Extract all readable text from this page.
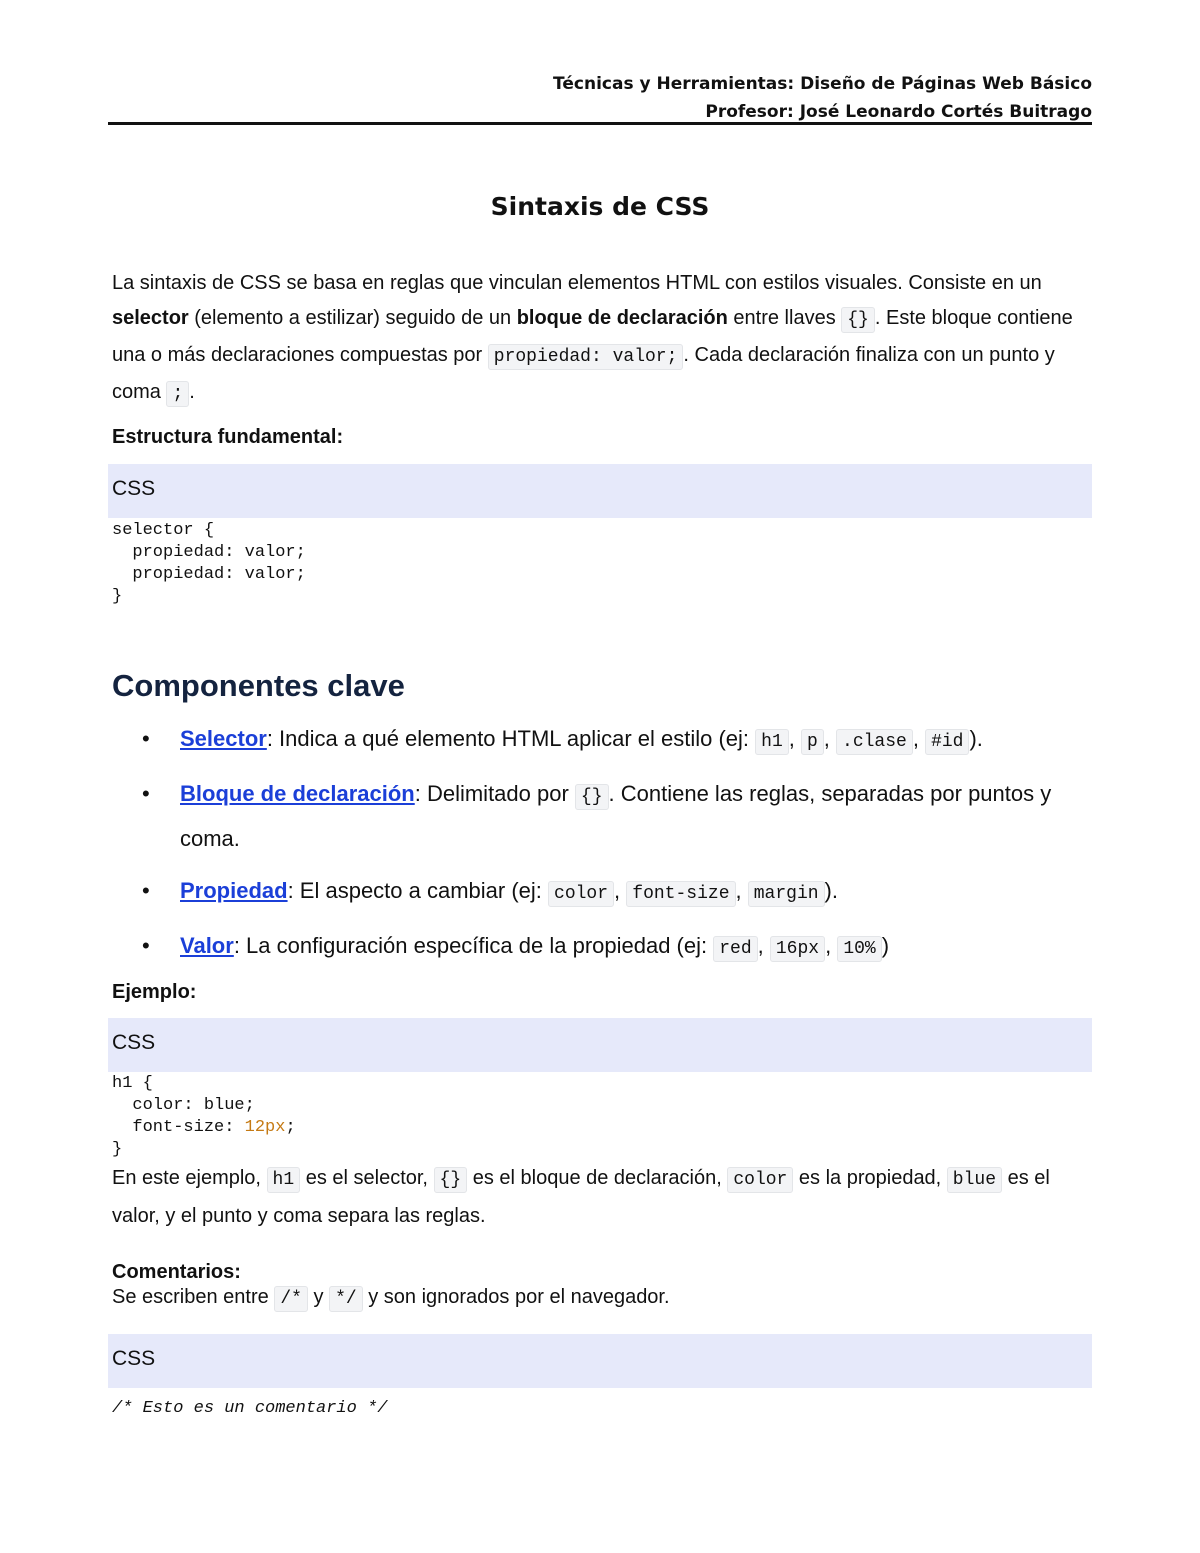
Técnicas y Herramientas: Diseño de Páginas Web Básico
Profesor: José Leonardo Cortés Buitrago
Sintaxis de CSS
La sintaxis de CSS se basa en reglas que vinculan elementos HTML con estilos visuales. Consiste en un selector (elemento a estilizar) seguido de un bloque de declaración entre llaves {} . Este bloque contiene una o más declaraciones compuestas por propiedad: valor; . Cada declaración finaliza con un punto y coma ; .
Estructura fundamental:
CSS
selector {
propiedad: valor;
propiedad: valor;
}
Componentes clave
• Selector: Indica a qué elemento HTML aplicar el estilo (ej: h1 , p , .clase , #id ).
• Bloque de declaración: Delimitado por {} . Contiene las reglas, separadas por puntos y coma.
• Propiedad: El aspecto a cambiar (ej: color , font-size , margin ).
• Valor: La configuración específica de la propiedad (ej: red , 16px , 10% )
Ejemplo:
CSS
h1 {
color: blue;
font-size: 12px;
}
En este ejemplo, h1 es el selector, {} es el bloque de declaración, color es la propiedad, blue es el valor, y el punto y coma separa las reglas.
Comentarios:
Se escriben entre /* y */ y son ignorados por el navegador.
CSS
/* Esto es un comentario */
